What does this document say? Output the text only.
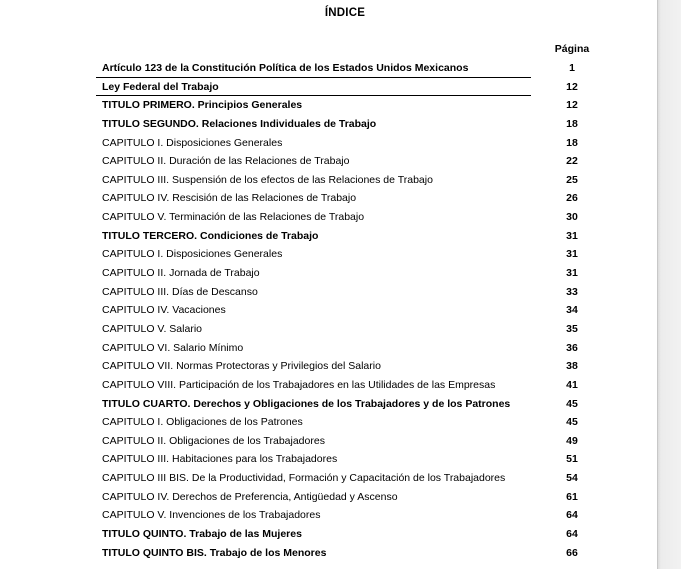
ÍNDICE
Página
Artículo 123 de la Constitución Política de los Estados Unidos Mexicanos	1
Ley Federal del Trabajo	12
TITULO PRIMERO. Principios Generales	12
TITULO SEGUNDO. Relaciones Individuales de Trabajo	18
CAPITULO I. Disposiciones Generales	18
CAPITULO II. Duración de las Relaciones de Trabajo	22
CAPITULO III. Suspensión de los efectos de las Relaciones de Trabajo	25
CAPITULO IV. Rescisión de las Relaciones de Trabajo	26
CAPITULO V. Terminación de las Relaciones de Trabajo	30
TITULO TERCERO. Condiciones de Trabajo	31
CAPITULO I. Disposiciones Generales	31
CAPITULO II. Jornada de Trabajo	31
CAPITULO III. Días de Descanso	33
CAPITULO IV. Vacaciones	34
CAPITULO V. Salario	35
CAPITULO VI. Salario Mínimo	36
CAPITULO VII. Normas Protectoras y Privilegios del Salario	38
CAPITULO VIII. Participación de los Trabajadores en las Utilidades de las Empresas	41
TITULO CUARTO. Derechos y Obligaciones de los Trabajadores y de los Patrones	45
CAPITULO I. Obligaciones de los Patrones	45
CAPITULO II. Obligaciones de los Trabajadores	49
CAPITULO III. Habitaciones para los Trabajadores	51
CAPITULO III BIS. De la Productividad, Formación y Capacitación de los Trabajadores	54
CAPITULO IV. Derechos de Preferencia, Antigüedad y Ascenso	61
CAPITULO V. Invenciones de los Trabajadores	64
TITULO QUINTO. Trabajo de las Mujeres	64
TITULO QUINTO BIS. Trabajo de los Menores	66
